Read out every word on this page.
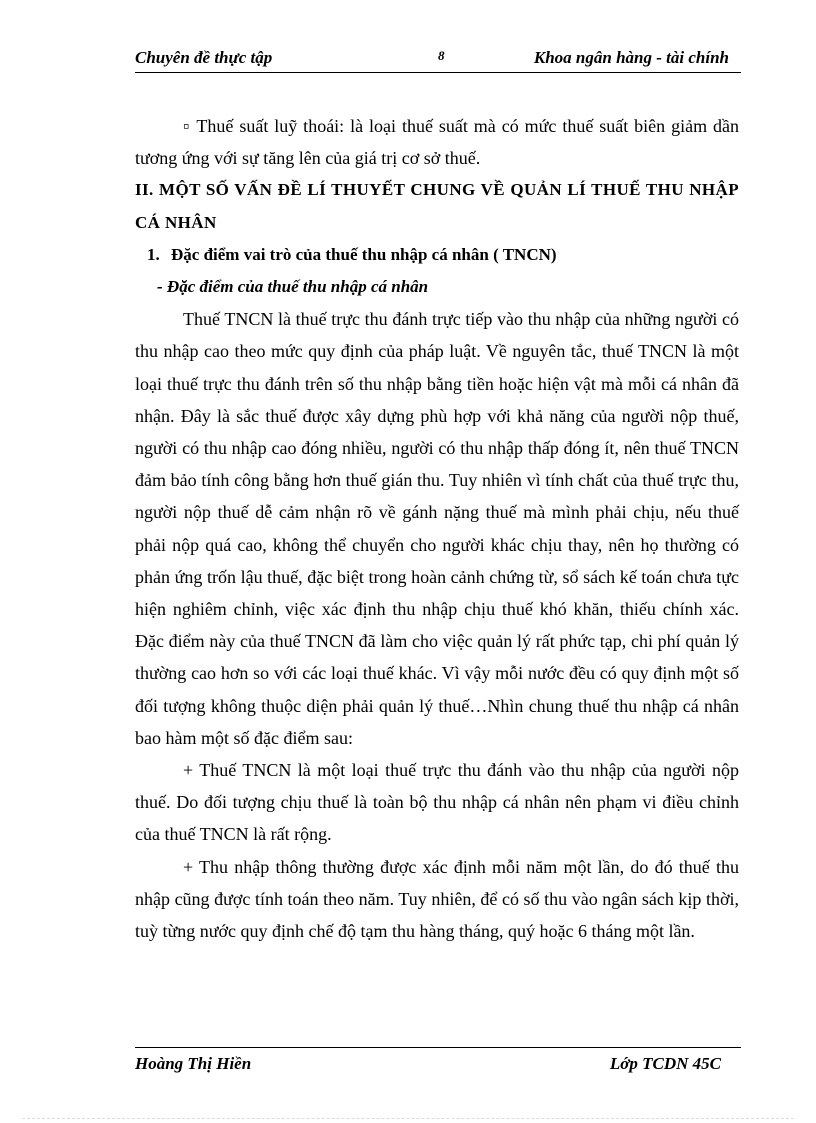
Chuyên đề thực tập	8	Khoa ngân hàng - tài chính

▫ Thuế suất luỹ thoái: là loại thuế suất mà có mức thuế suất biên giảm dần tương ứng với sự tăng lên của giá trị cơ sở thuế.

II. MỘT SỐ VẤN ĐỀ LÍ THUYẾT CHUNG VỀ QUẢN LÍ THUẾ THU NHẬP CÁ NHÂN

1. Đặc điểm vai trò của thuế thu nhập cá nhân ( TNCN)

- Đặc điểm của thuế thu nhập cá nhân

Thuế TNCN là thuế trực thu đánh trực tiếp vào thu nhập của những người có thu nhập cao theo mức quy định của pháp luật. Về nguyên tắc, thuế TNCN là một loại thuế trực thu đánh trên số thu nhập bằng tiền hoặc hiện vật mà mỗi cá nhân đã nhận. Đây là sắc thuế được xây dựng phù hợp với khả năng của người nộp thuế, người có thu nhập cao đóng nhiều, người có thu nhập thấp đóng ít, nên thuế TNCN đảm bảo tính công bằng hơn thuế gián thu. Tuy nhiên vì tính chất của thuế trực thu, người nộp thuế dễ cảm nhận rõ về gánh nặng thuế mà mình phải chịu, nếu thuế phải nộp quá cao, không thể chuyển cho người khác chịu thay, nên họ thường có phản ứng trốn lậu thuế, đặc biệt trong hoàn cảnh chứng từ, sổ sách kế toán chưa tực hiện nghiêm chỉnh, việc xác định thu nhập chịu thuế khó khăn, thiếu chính xác. Đặc điểm này của thuế TNCN đã làm cho việc quản lý rất phức tạp, chi phí quản lý thường cao hơn so với các loại thuế khác. Vì vậy mỗi nước đều có quy định một số đối tượng không thuộc diện phải quản lý thuế…Nhìn chung thuế thu nhập cá nhân bao hàm một số đặc điểm sau:

+ Thuế TNCN là một loại thuế trực thu đánh vào thu nhập của người nộp thuế. Do đối tượng chịu thuế là toàn bộ thu nhập cá nhân nên phạm vi điều chỉnh của thuế TNCN là rất rộng.

+ Thu nhập thông thường được xác định mỗi năm một lần, do đó thuế thu nhập cũng được tính toán theo năm. Tuy nhiên, để có số thu vào ngân sách kịp thời, tuỳ từng nước quy định chế độ tạm thu hàng tháng, quý hoặc 6 tháng một lần.

Hoàng Thị Hiền	Lớp TCDN 45C
